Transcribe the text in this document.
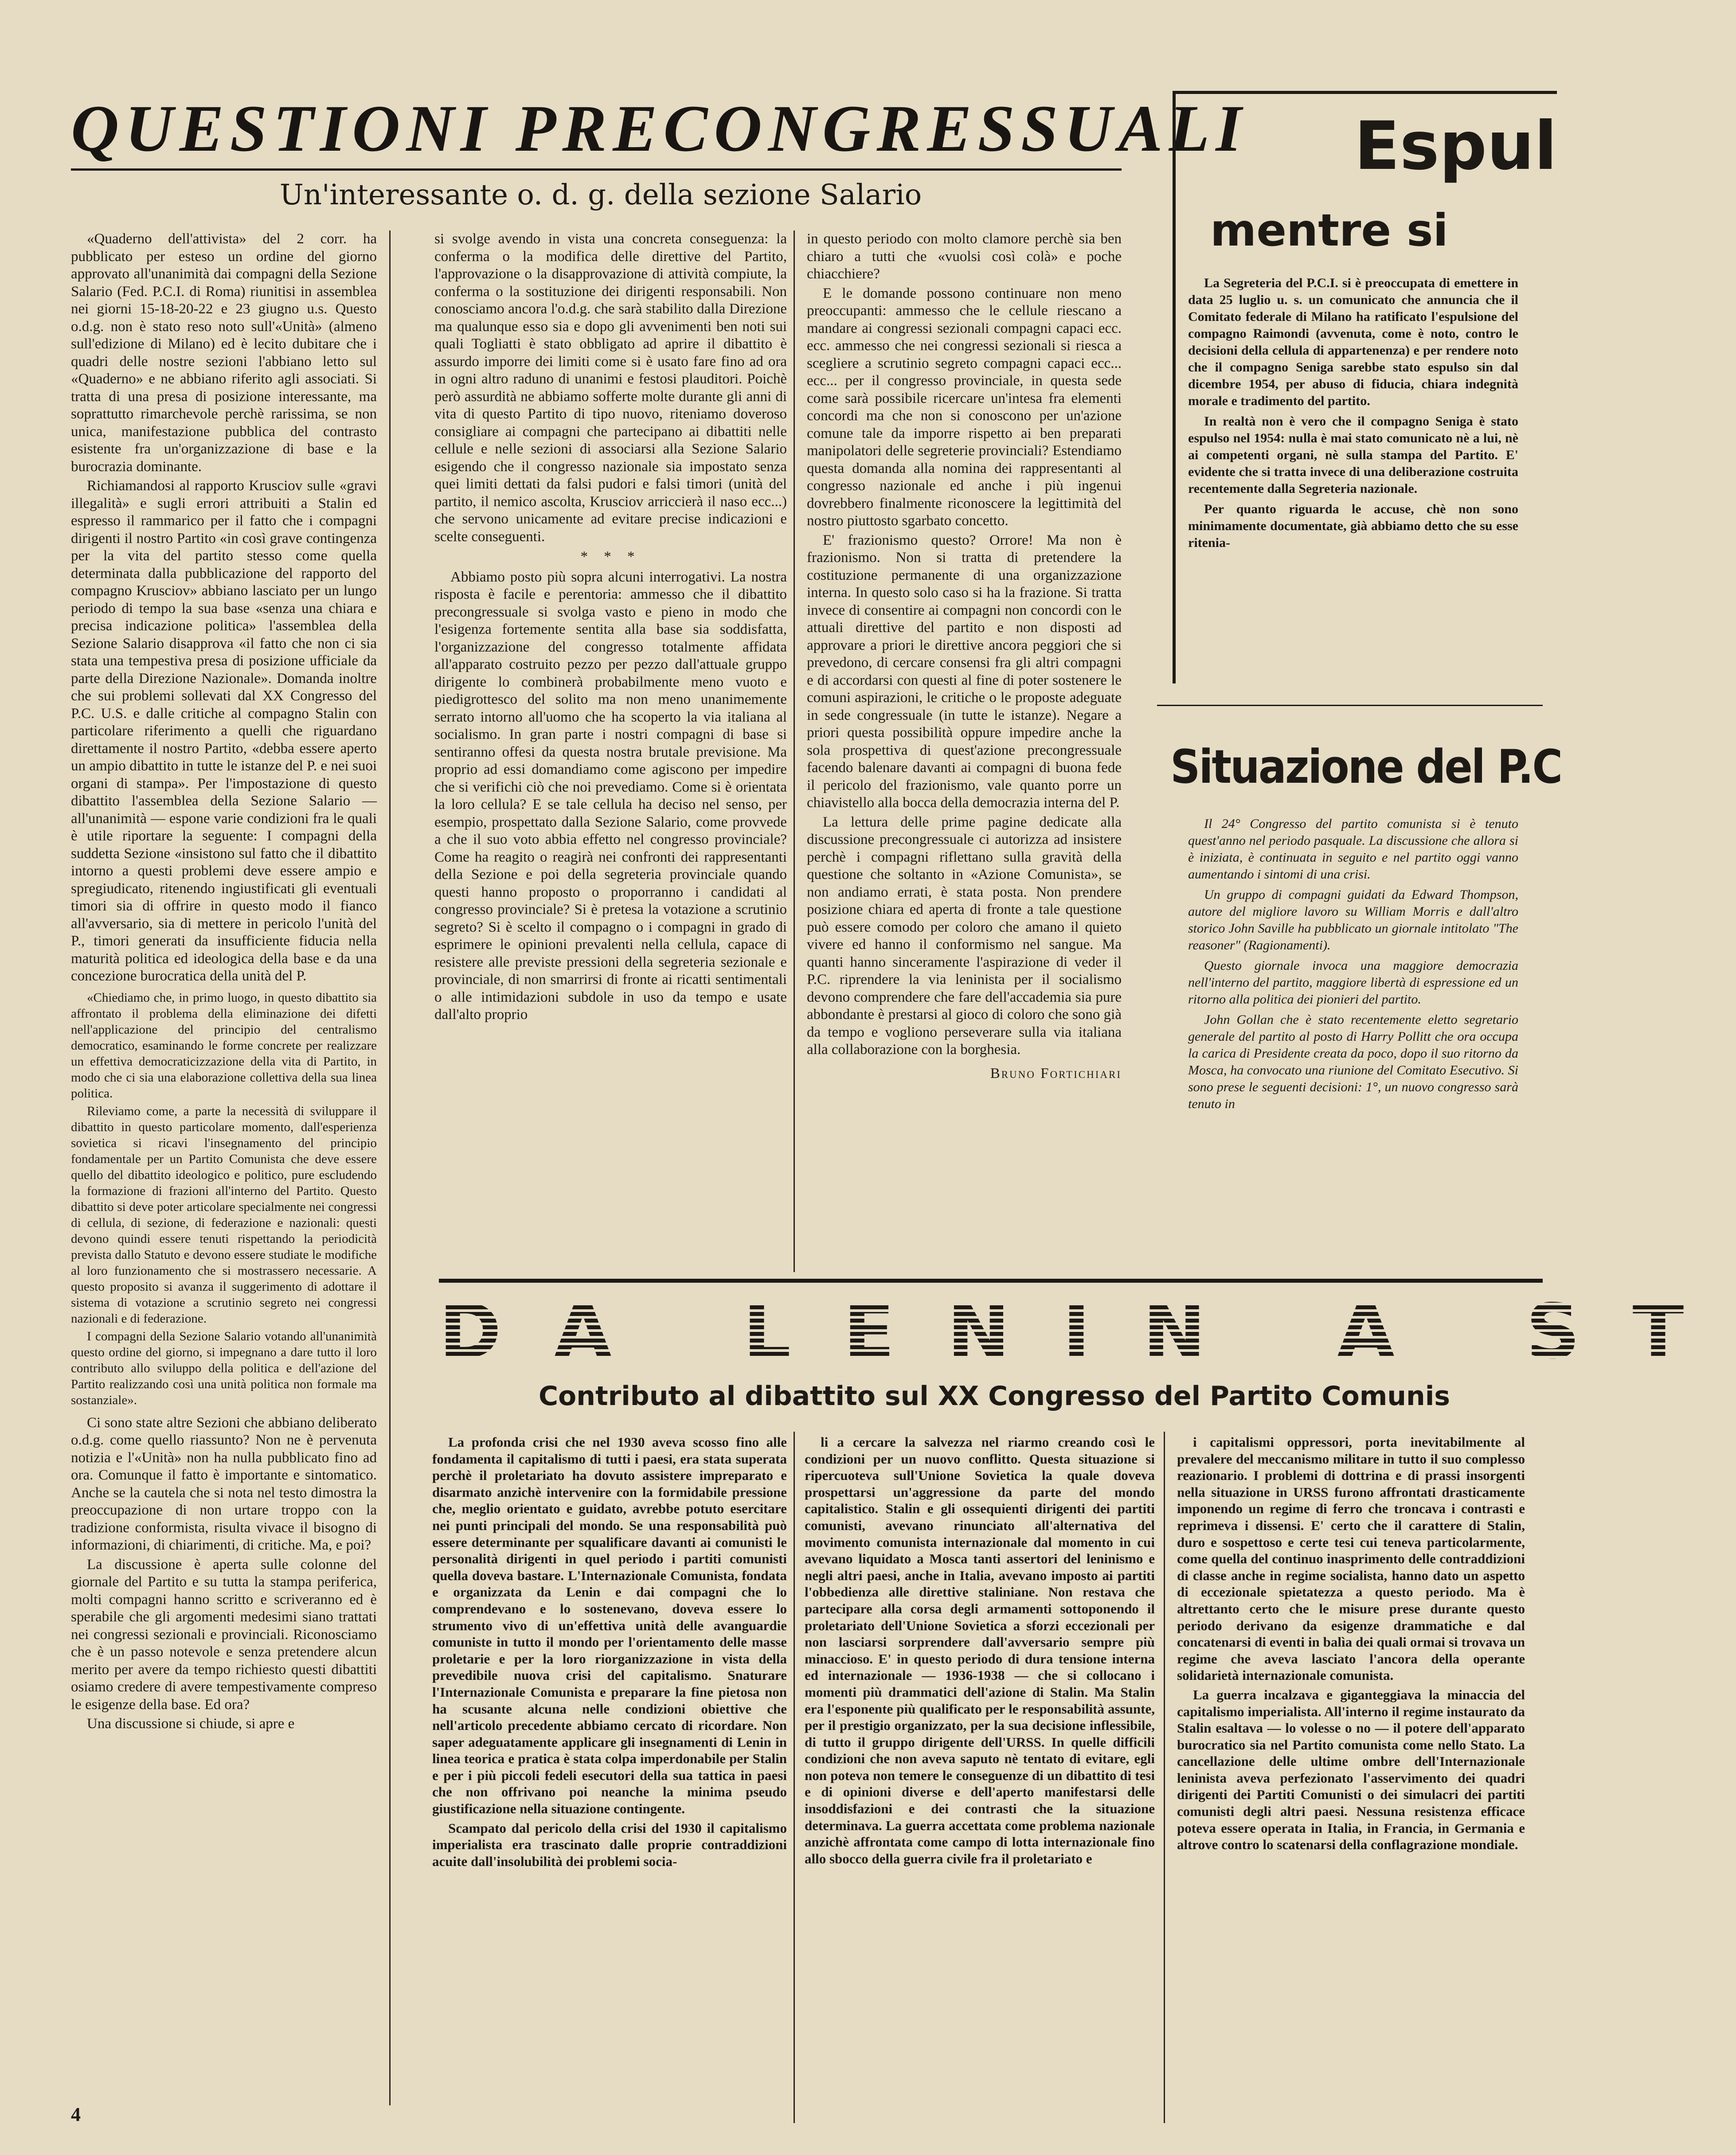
QUESTIONI PRECONGRESSUALI
Un'interessante o. d. g. della sezione Salario

«Quaderno dell'attivista» del 2 corr. ha pubblicato per esteso un ordine del giorno approvato all'unanimità dai compagni della Sezione Salario (Fed. P.C.I. di Roma) riunitisi in assemblea nei giorni 15-18-20-22 e 23 giugno u.s. Questo o.d.g. non è stato reso noto sull'«Unità» (almeno sull'edizione di Milano) ed è lecito dubitare che i quadri delle nostre sezioni l'abbiano letto sul «Quaderno» e ne abbiano riferito agli associati. Si tratta di una presa di posizione interessante, ma soprattutto rimarchevole perchè rarissima, se non unica, manifestazione pubblica del contrasto esistente fra un'organizzazione di base e la burocrazia dominante.

Richiamandosi al rapporto Krusciov sulle «gravi illegalità» e sugli errori attribuiti a Stalin ed espresso il rammarico per il fatto che i compagni dirigenti il nostro Partito «in così grave contingenza per la vita del partito stesso come quella determinata dalla pubblicazione del rapporto del compagno Krusciov» abbiano lasciato per un lungo periodo di tempo la sua base «senza una chiara e precisa indicazione politica» l'assemblea della Sezione Salario disapprova «il fatto che non ci sia stata una tempestiva presa di posizione ufficiale da parte della Direzione Nazionale». Domanda inoltre che sui problemi sollevati dal XX Congresso del P.C. U.S. e dalle critiche al compagno Stalin con particolare riferimento a quelli che riguardano direttamente il nostro Partito, «debba essere aperto un ampio dibattito in tutte le istanze del P. e nei suoi organi di stampa». Per l'impostazione di questo dibattito l'assemblea della Sezione Salario — all'unanimità — espone varie condizioni fra le quali è utile riportare la seguente: I compagni della suddetta Sezione «insistono sul fatto che il dibattito intorno a questi problemi deve essere ampio e spregiudicato, ritenendo ingiustificati gli eventuali timori sia di offrire in questo modo il fianco all'avversario, sia di mettere in pericolo l'unità del P., timori generati da insufficiente fiducia nella maturità politica ed ideologica della base e da una concezione burocratica della unità del P.

«Chiediamo che, in primo luogo, in questo dibattito sia affrontato il problema della eliminazione dei difetti nell'applicazione del principio del centralismo democratico, esaminando le forme concrete per realizzare un effettiva democraticizzazione della vita di Partito, in modo che ci sia una elaborazione collettiva della sua linea politica.

Rileviamo come, a parte la necessità di sviluppare il dibattito in questo particolare momento, dall'esperienza sovietica si ricavi l'insegnamento del principio fondamentale per un Partito Comunista che deve essere quello del dibattito ideologico e politico, pure escludendo la formazione di frazioni all'interno del Partito. Questo dibattito si deve poter articolare specialmente nei congressi di cellula, di sezione, di federazione e nazionali: questi devono quindi essere tenuti rispettando la periodicità prevista dallo Statuto e devono essere studiate le modifiche al loro funzionamento che si mostrassero necessarie. A questo proposito si avanza il suggerimento di adottare il sistema di votazione a scrutinio segreto nei congressi nazionali e di federazione.

I compagni della Sezione Salario votando all'unanimità questo ordine del giorno, si impegnano a dare tutto il loro contributo allo sviluppo della politica e dell'azione del Partito realizzando così una unità politica non formale ma sostanziale».

Ci sono state altre Sezioni che abbiano deliberato o.d.g. come quello riassunto? Non ne è pervenuta notizia e l'«Unità» non ha nulla pubblicato fino ad ora. Comunque il fatto è importante e sintomatico. Anche se la cautela che si nota nel testo dimostra la preoccupazione di non urtare troppo con la tradizione conformista, risulta vivace il bisogno di informazioni, di chiarimenti, di critiche. Ma, e poi?

La discussione è aperta sulle colonne del giornale del Partito e su tutta la stampa periferica, molti compagni hanno scritto e scriveranno ed è sperabile che gli argomenti medesimi siano trattati nei congressi sezionali e provinciali. Riconosciamo che è un passo notevole e senza pretendere alcun merito per avere da tempo richiesto questi dibattiti osiamo credere di avere tempestivamente compreso le esigenze della base. Ed ora?

Una discussione si chiude, si apre e

si svolge avendo in vista una concreta conseguenza: la conferma o la modifica delle direttive del Partito, l'approvazione o la disapprovazione di attività compiute, la conferma o la sostituzione dei dirigenti responsabili. Non conosciamo ancora l'o.d.g. che sarà stabilito dalla Direzione ma qualunque esso sia e dopo gli avvenimenti ben noti sui quali Togliatti è stato obbligato ad aprire il dibattito è assurdo imporre dei limiti come si è usato fare fino ad ora in ogni altro raduno di unanimi e festosi plauditori. Poichè però assurdità ne abbiamo sofferte molte durante gli anni di vita di questo Partito di tipo nuovo, riteniamo doveroso consigliare ai compagni che partecipano ai dibattiti nelle cellule e nelle sezioni di associarsi alla Sezione Salario esigendo che il congresso nazionale sia impostato senza quei limiti dettati da falsi pudori e falsi timori (unità del partito, il nemico ascolta, Krusciov arriccierà il naso ecc...) che servono unicamente ad evitare precise indicazioni e scelte conseguenti.

* * *

Abbiamo posto più sopra alcuni interrogativi. La nostra risposta è facile e perentoria: ammesso che il dibattito precongressuale si svolga vasto e pieno in modo che l'esigenza fortemente sentita alla base sia soddisfatta, l'organizzazione del congresso totalmente affidata all'apparato costruito pezzo per pezzo dall'attuale gruppo dirigente lo combinerà probabilmente meno vuoto e piedigrottesco del solito ma non meno unanimemente serrato intorno all'uomo che ha scoperto la via italiana al socialismo. In gran parte i nostri compagni di base si sentiranno offesi da questa nostra brutale previsione. Ma proprio ad essi domandiamo come agiscono per impedire che si verifichi ciò che noi prevediamo. Come si è orientata la loro cellula? E se tale cellula ha deciso nel senso, per esempio, prospettato dalla Sezione Salario, come provvede a che il suo voto abbia effetto nel congresso provinciale? Come ha reagito o reagirà nei confronti dei rappresentanti della Sezione e poi della segreteria provinciale quando questi hanno proposto o proporranno i candidati al congresso provinciale? Si è pretesa la votazione a scrutinio segreto? Si è scelto il compagno o i compagni in grado di esprimere le opinioni prevalenti nella cellula, capace di resistere alle previste pressioni della segreteria sezionale e provinciale, di non smarrirsi di fronte ai ricatti sentimentali o alle intimidazioni subdole in uso da tempo e usate dall'alto proprio

in questo periodo con molto clamore perchè sia ben chiaro a tutti che «vuolsi così colà» e poche chiacchiere?

E le domande possono continuare non meno preoccupanti: ammesso che le cellule riescano a mandare ai congressi sezionali compagni capaci ecc. ecc. ammesso che nei congressi sezionali si riesca a scegliere a scrutinio segreto compagni capaci ecc... ecc... per il congresso provinciale, in questa sede come sarà possibile ricercare un'intesa fra elementi concordi ma che non si conoscono per un'azione comune tale da imporre rispetto ai ben preparati manipolatori delle segreterie provinciali? Estendiamo questa domanda alla nomina dei rappresentanti al congresso nazionale ed anche i più ingenui dovrebbero finalmente riconoscere la legittimità del nostro piuttosto sgarbato concetto.

E' frazionismo questo? Orrore! Ma non è frazionismo. Non si tratta di pretendere la costituzione permanente di una organizzazione interna. In questo solo caso si ha la frazione. Si tratta invece di consentire ai compagni non concordi con le attuali direttive del partito e non disposti ad approvare a priori le direttive ancora peggiori che si prevedono, di cercare consensi fra gli altri compagni e di accordarsi con questi al fine di poter sostenere le comuni aspirazioni, le critiche o le proposte adeguate in sede congressuale (in tutte le istanze). Negare a priori questa possibilità oppure impedire anche la sola prospettiva di quest'azione precongressuale facendo balenare davanti ai compagni di buona fede il pericolo del frazionismo, vale quanto porre un chiavistello alla bocca della democrazia interna del P.

La lettura delle prime pagine dedicate alla discussione precongressuale ci autorizza ad insistere perchè i compagni riflettano sulla gravità della questione che soltanto in «Azione Comunista», se non andiamo errati, è stata posta. Non prendere posizione chiara ed aperta di fronte a tale questione può essere comodo per coloro che amano il quieto vivere ed hanno il conformismo nel sangue. Ma quanti hanno sinceramente l'aspirazione di veder il P.C. riprendere la via leninista per il socialismo devono comprendere che fare dell'accademia sia pure abbondante è prestarsi al gioco di coloro che sono già da tempo e vogliono perseverare sulla via italiana alla collaborazione con la borghesia.

Bruno Fortichiari

Espul
mentre si

La Segreteria del P.C.I. si è preoccupata di emettere in data 25 luglio u. s. un comunicato che annuncia che il Comitato federale di Milano ha ratificato l'espulsione del compagno Raimondi (avvenuta, come è noto, contro le decisioni della cellula di appartenenza) e per rendere noto che il compagno Seniga sarebbe stato espulso sin dal dicembre 1954, per abuso di fiducia, chiara indegnità morale e tradimento del partito.

In realtà non è vero che il compagno Seniga è stato espulso nel 1954: nulla è mai stato comunicato nè a lui, nè ai competenti organi, nè sulla stampa del Partito. E' evidente che si tratta invece di una deliberazione costruita recentemente dalla Segreteria nazionale.

Per quanto riguarda le accuse, chè non sono minimamente documentate, già abbiamo detto che su esse ritenia-

Situazione del P.C

Il 24° Congresso del partito comunista si è tenuto quest'anno nel periodo pasquale. La discussione che allora si è iniziata, è continuata in seguito e nel partito oggi vanno aumentando i sintomi di una crisi.

Un gruppo di compagni guidati da Edward Thompson, autore del migliore lavoro su William Morris e dall'altro storico John Saville ha pubblicato un giornale intitolato "The reasoner" (Ragionamenti).

Questo giornale invoca una maggiore democrazia nell'interno del partito, maggiore libertà di espressione ed un ritorno alla politica dei pionieri del partito.

John Gollan che è stato recentemente eletto segretario generale del partito al posto di Harry Pollitt che ora occupa la carica di Presidente creata da poco, dopo il suo ritorno da Mosca, ha convocato una riunione del Comitato Esecutivo. Si sono prese le seguenti decisioni: 1°, un nuovo congresso sarà tenuto in

DA LENIN A ST
Contributo al dibattito sul XX Congresso del Partito Comunis

La profonda crisi che nel 1930 aveva scosso fino alle fondamenta il capitalismo di tutti i paesi, era stata superata perchè il proletariato ha dovuto assistere impreparato e disarmato anzichè intervenire con la formidabile pressione che, meglio orientato e guidato, avrebbe potuto esercitare nei punti principali del mondo. Se una responsabilità può essere determinante per squalificare davanti ai comunisti le personalità dirigenti in quel periodo i partiti comunisti quella doveva bastare. L'Internazionale Comunista, fondata e organizzata da Lenin e dai compagni che lo comprendevano e lo sostenevano, doveva essere lo strumento vivo di un'effettiva unità delle avanguardie comuniste in tutto il mondo per l'orientamento delle masse proletarie e per la loro riorganizzazione in vista della prevedibile nuova crisi del capitalismo. Snaturare l'Internazionale Comunista e preparare la fine pietosa non ha scusante alcuna nelle condizioni obiettive che nell'articolo precedente abbiamo cercato di ricordare. Non saper adeguatamente applicare gli insegnamenti di Lenin in linea teorica e pratica è stata colpa imperdonabile per Stalin e per i più piccoli fedeli esecutori della sua tattica in paesi che non offrivano poi neanche la minima pseudo giustificazione nella situazione contingente.

Scampato dal pericolo della crisi del 1930 il capitalismo imperialista era trascinato dalle proprie contraddizioni acuite dall'insolubilità dei problemi socia-

li a cercare la salvezza nel riarmo creando così le condizioni per un nuovo conflitto. Questa situazione si ripercuoteva sull'Unione Sovietica la quale doveva prospettarsi un'aggressione da parte del mondo capitalistico. Stalin e gli ossequienti dirigenti dei partiti comunisti, avevano rinunciato all'alternativa del movimento comunista internazionale dal momento in cui avevano liquidato a Mosca tanti assertori del leninismo e negli altri paesi, anche in Italia, avevano imposto ai partiti l'obbedienza alle direttive staliniane. Non restava che partecipare alla corsa degli armamenti sottoponendo il proletariato dell'Unione Sovietica a sforzi eccezionali per non lasciarsi sorprendere dall'avversario sempre più minaccioso. E' in questo periodo di dura tensione interna ed internazionale — 1936-1938 — che si collocano i momenti più drammatici dell'azione di Stalin. Ma Stalin era l'esponente più qualificato per le responsabilità assunte, per il prestigio organizzato, per la sua decisione inflessibile, di tutto il gruppo dirigente dell'URSS. In quelle difficili condizioni che non aveva saputo nè tentato di evitare, egli non poteva non temere le conseguenze di un dibattito di tesi e di opinioni diverse e dell'aperto manifestarsi delle insoddisfazioni e dei contrasti che la situazione determinava. La guerra accettata come problema nazionale anzichè affrontata come campo di lotta internazionale fino allo sbocco della guerra civile fra il proletariato e

i capitalismi oppressori, porta inevitabilmente al prevalere del meccanismo militare in tutto il suo complesso reazionario. I problemi di dottrina e di prassi insorgenti nella situazione in URSS furono affrontati drasticamente imponendo un regime di ferro che troncava i contrasti e reprimeva i dissensi. E' certo che il carattere di Stalin, duro e sospettoso e certe tesi cui teneva particolarmente, come quella del continuo inasprimento delle contraddizioni di classe anche in regime socialista, hanno dato un aspetto di eccezionale spietatezza a questo periodo. Ma è altrettanto certo che le misure prese durante questo periodo derivano da esigenze drammatiche e dal concatenarsi di eventi in balìa dei quali ormai si trovava un regime che aveva lasciato l'ancora della operante solidarietà internazionale comunista.

La guerra incalzava e giganteggiava la minaccia del capitalismo imperialista. All'interno il regime instaurato da Stalin esaltava — lo volesse o no — il potere dell'apparato burocratico sia nel Partito comunista come nello Stato. La cancellazione delle ultime ombre dell'Internazionale leninista aveva perfezionato l'asservimento dei quadri dirigenti dei Partiti Comunisti o dei simulacri dei partiti comunisti degli altri paesi. Nessuna resistenza efficace poteva essere operata in Italia, in Francia, in Germania e altrove contro lo scatenarsi della conflagrazione mondiale.

4
